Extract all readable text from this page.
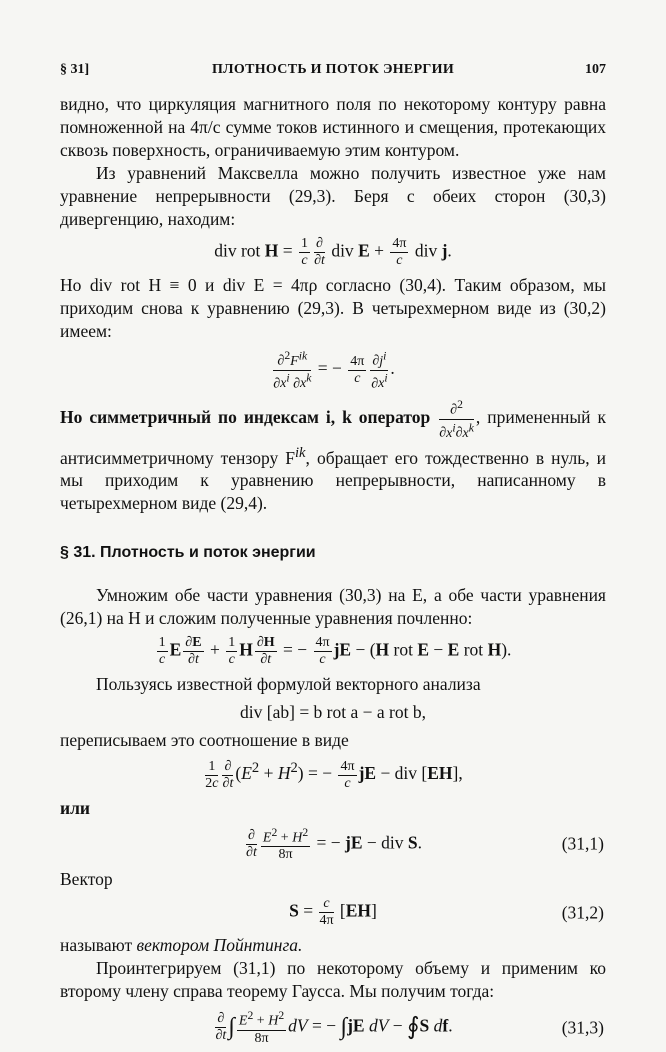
§ 31]	ПЛОТНОСТЬ И ПОТОК ЭНЕРГИИ	107

видно, что циркуляция магнитного поля по некоторому контуру равна помноженной на 4π/c сумме токов истинного и смещения, протекающих сквозь поверхность, ограничиваемую этим контуром.

Из уравнений Максвелла можно получить известное уже нам уравнение непрерывности (29,3). Беря с обеих сторон (30,3) дивергенцию, находим:

div rot $H = \frac{1}{c} \frac{\partial}{\partial t}$ div $E + \frac{4\pi}{c}$ div j.

Но div rot H ≡ 0 и div E = 4πρ согласно (30,4). Таким образом, мы приходим снова к уравнению (29,3). В четырехмерном виде из (30,2) имеем:

$\frac{\partial^2F^{ik}}{\partial x^i \partial x^k}$ = − $\frac{4\pi}{c} \frac{\partial j^i}{\partial x^i}$ .

Но симметричный по индексам i, k оператор $\frac{\partial^2}{\partial x^i\partial x^k}$ , примененный к антисимметричному тензору $F^{ik}$, обращает его тождественно в нуль, и мы приходим к уравнению непрерывности, написанному в четырехмерном виде (29,4).

§ 31. Плотность и поток энергии

Умножим обе части уравнения (30,3) на E, а обе части уравнения (26,1) на H и сложим полученные уравнения почленно:

$\frac{1}{c}$ E $\frac{\partial E}{\partial t} + \frac{1}{c}$ H $\frac{\partial H}{\partial t}$ = − $\frac{4\pi}{c}$ jE − (H rot E − E rot H).

Пользуясь известной формулой векторного анализа

div [ab] = b rot a − a rot b,

переписываем это соотношение в виде

$\frac{1}{2c} \frac{\partial}{\partial t} (E^2 + H^2)$ = − $\frac{4\pi}{c}$ jE − div [EH],

или

$\frac{\partial}{\partial t} \frac{E^2 + H^2}{8\pi}$ = − jE − div S.	(31,1)

Вектор

$S = \frac{c}{4\pi} [EH]$	(31,2)

называют вектором Пойнтинга.

Проинтегрируем (31,1) по некоторому объему и применим ко второму члену справа теорему Гаусса. Мы получим тогда:

$\frac{\partial}{\partial t}$ ∫ $\frac{E^2 + H^2}{8\pi}$ dV = − ∫jE dV − ∮S df.	(31,3)
